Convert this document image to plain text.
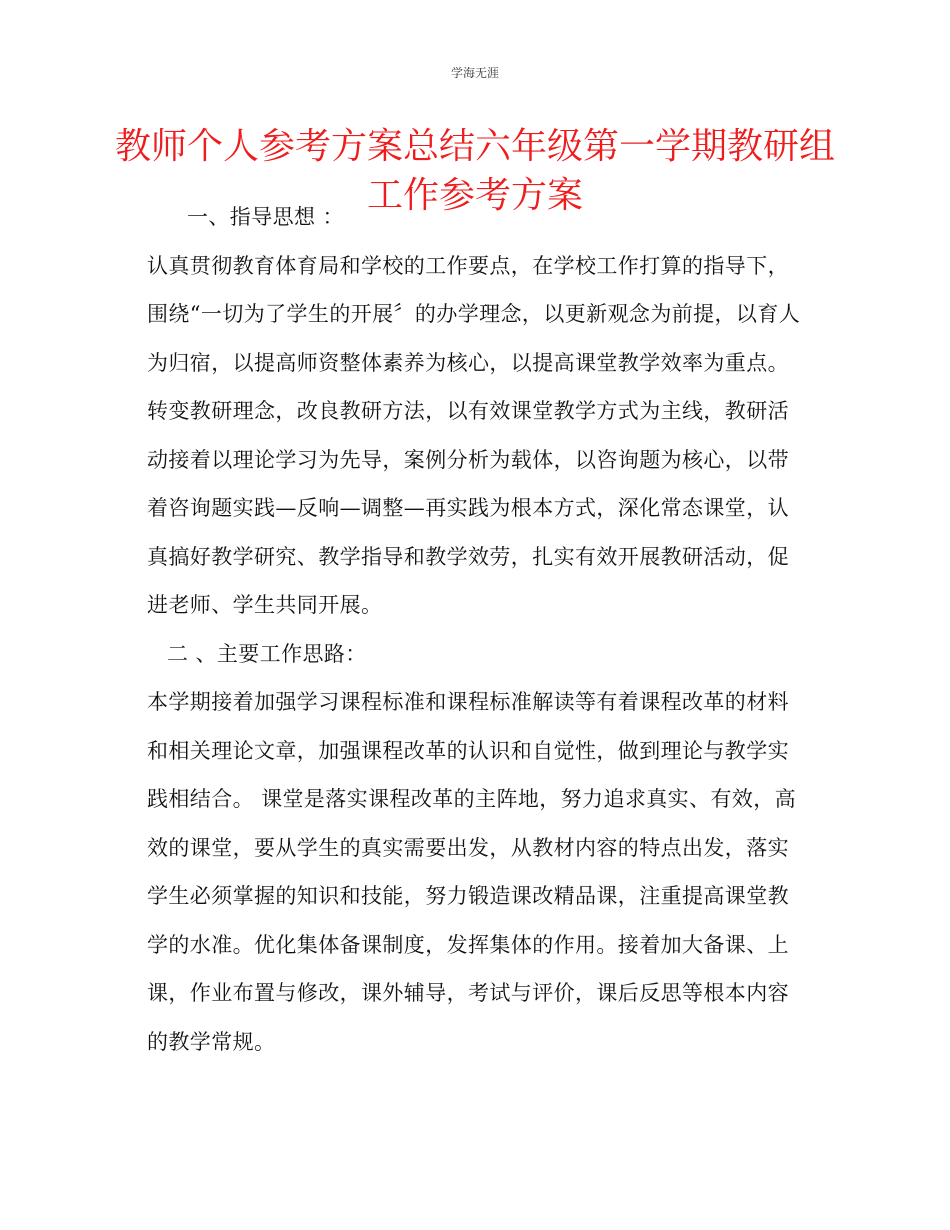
学海无涯
教师个人参考方案总结六年级第一学期教研组工作参考方案

一、指导思想 ：

认真贯彻教育体育局和学校的工作要点，在学校工作打算的指导下，围绕“一切为了学生的开展〞的办学理念，以更新观念为前提，以育人为归宿，以提高师资整体素养为核心，以提高课堂教学效率为重点。转变教研理念，改良教研方法，以有效课堂教学方式为主线，教研活动接着以理论学习为先导，案例分析为载体，以咨询题为核心，以带着咨询题实践—反响—调整—再实践为根本方式，深化常态课堂，认真搞好教学研究、教学指导和教学效劳，扎实有效开展教研活动，促进老师、学生共同开展。

二 、主要工作思路：

本学期接着加强学习课程标准和课程标准解读等有着课程改革的材料和相关理论文章，加强课程改革的认识和自觉性，做到理论与教学实践相结合。 课堂是落实课程改革的主阵地，努力追求真实、有效，高效的课堂，要从学生的真实需要出发，从教材内容的特点出发，落实学生必须掌握的知识和技能，努力锻造课改精品课，注重提高课堂教学的水准。优化集体备课制度，发挥集体的作用。接着加大备课、上课，作业布置与修改，课外辅导，考试与评价，课后反思等根本内容的教学常规。
